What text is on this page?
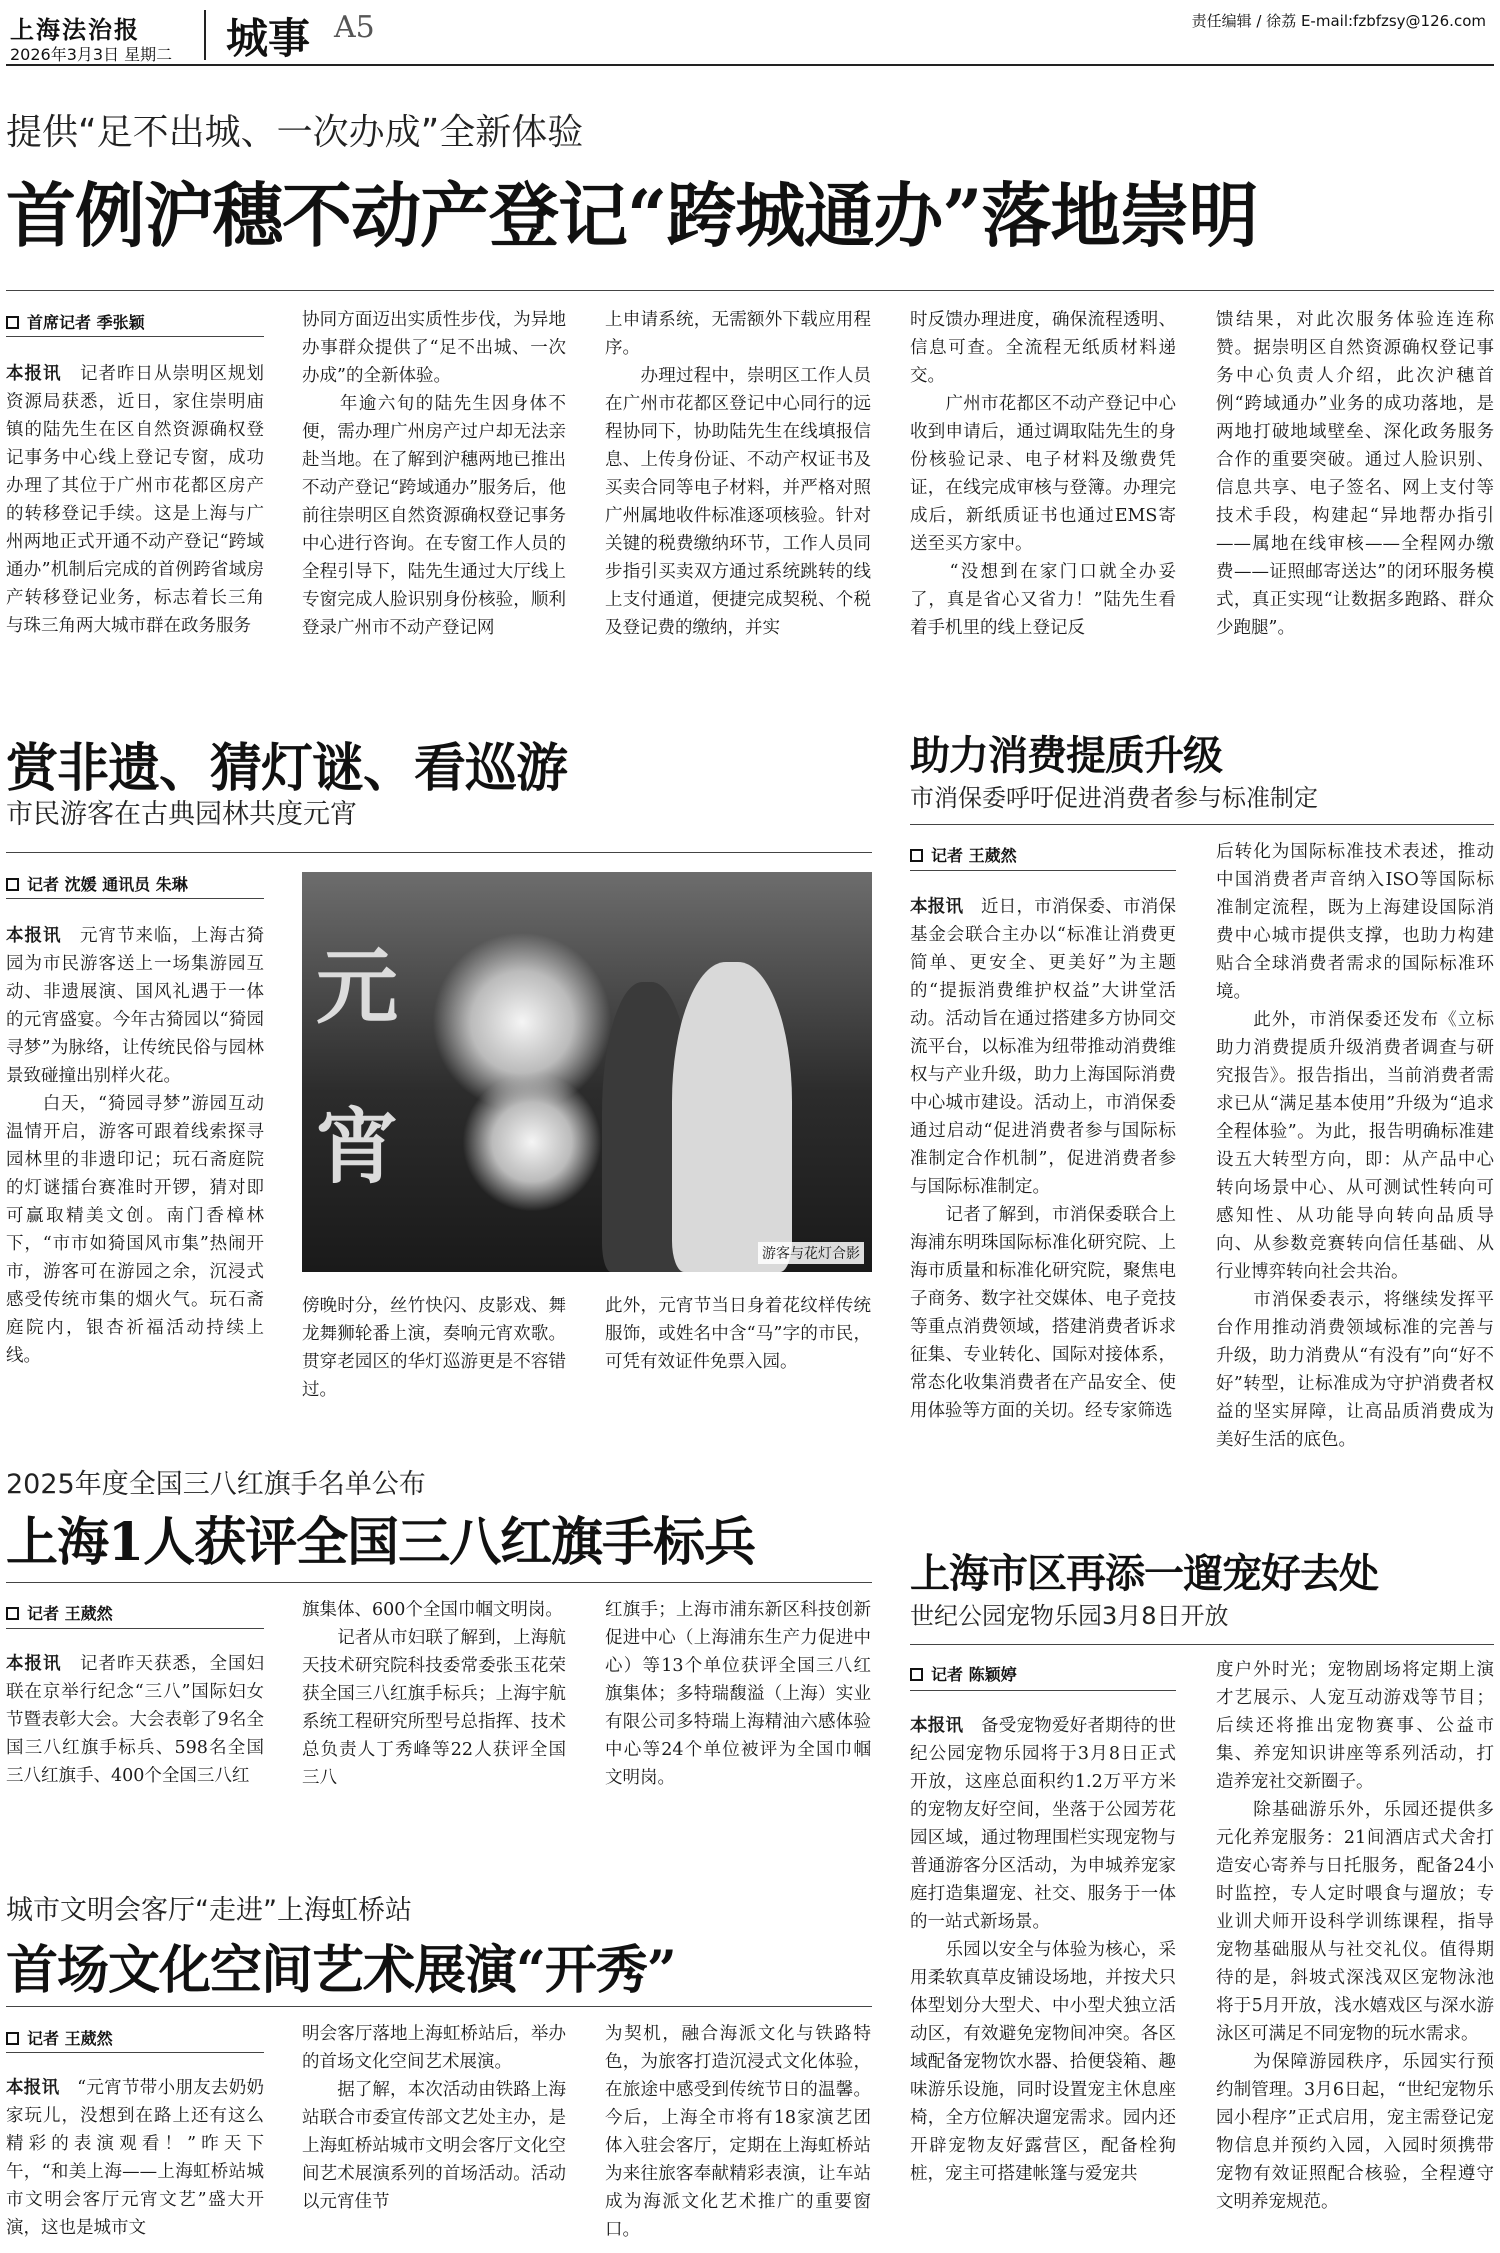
上海法治报
2026年3月3日 星期二 城事 A5	责任编辑 / 徐荔 E-mail:fzbfzsy@126.com
提供“足不出城、一次办成”全新体验
首例沪穗不动产登记“跨城通办”落地崇明
首席记者 季张颖
本报讯　 记者昨日从崇明区规划资源局获悉，近日，家住崇明庙镇的陆先生在区自然资源确权登记事务中心线上登记专窗，成功办理了其位于广州市花都区房产的转移登记手续。这是上海与广州两地正式开通不动产登记“跨域通办”机制后完成的首例跨省域房产转移登记业务，标志着长三角与珠三角两大城市群在政务服务
协同方面迈出实质性步伐，为异地办事群众提供了“足不出城、一次办成”的全新体验。
　　年逾六旬的陆先生因身体不便，需办理广州房产过户却无法亲赴当地。在了解到沪穗两地已推出不动产登记“跨域通办”服务后，他前往崇明区自然资源确权登记事务中心进行咨询。在专窗工作人员的全程引导下，陆先生通过大厅线上专窗完成人脸识别身份核验，顺利登录广州市不动产登记网
上申请系统，无需额外下载应用程序。
　　办理过程中，崇明区工作人员在广州市花都区登记中心同行的远程协同下，协助陆先生在线填报信息、上传身份证、不动产权证书及买卖合同等电子材料，并严格对照广州属地收件标准逐项核验。针对关键的税费缴纳环节，工作人员同步指引买卖双方通过系统跳转的线上支付通道，便捷完成契税、个税及登记费的缴纳，并实
时反馈办理进度，确保流程透明、信息可查。全流程无纸质材料递交。
　　广州市花都区不动产登记中心收到申请后，通过调取陆先生的身份核验记录、电子材料及缴费凭证，在线完成审核与登簿。办理完成后，新纸质证书也通过EMS寄送至买方家中。
　　“没想到在家门口就全办妥了，真是省心又省力！”陆先生看着手机里的线上登记反
馈结果，对此次服务体验连连称赞。据崇明区自然资源确权登记事务中心负责人介绍，此次沪穗首例“跨域通办”业务的成功落地，是两地打破地域壁垒、深化政务服务合作的重要突破。通过人脸识别、信息共享、电子签名、网上支付等技术手段，构建起“异地帮办指引——属地在线审核——全程网办缴费——证照邮寄送达”的闭环服务模式，真正实现“让数据多跑路、群众少跑腿”。
赏非遗、猜灯谜、看巡游
市民游客在古典园林共度元宵
记者 沈媛 通讯员 朱琳
本报讯　 元宵节来临，上海古猗园为市民游客送上一场集游园互动、非遗展演、国风礼遇于一体的元宵盛宴。今年古猗园以“猗园寻梦”为脉络，让传统民俗与园林景致碰撞出别样火花。
　　白天，“猗园寻梦”游园互动温情开启，游客可跟着线索探寻园林里的非遗印记；玩石斋庭院的灯谜擂台赛准时开锣，猜对即可赢取精美文创。南门香樟林下，“市市如猗国风市集”热闹开市，游客可在游园之余，沉浸式感受传统市集的烟火气。玩石斋庭院内，银杏祈福活动持续上线。
元
宵
游客与花灯合影
傍晚时分，丝竹快闪、皮影戏、舞龙舞狮轮番上演，奏响元宵欢歌。贯穿老园区的华灯巡游更是不容错过。
此外，元宵节当日身着花纹样传统服饰，或姓名中含“马”字的市民，可凭有效证件免票入园。
助力消费提质升级
市消保委呼吁促进消费者参与标准制定
记者 王葳然
本报讯　 近日，市消保委、市消保基金会联合主办以“标准让消费更简单、更安全、更美好”为主题的“提振消费维护权益”大讲堂活动。活动旨在通过搭建多方协同交流平台，以标准为纽带推动消费维权与产业升级，助力上海国际消费中心城市建设。活动上，市消保委通过启动“促进消费者参与国际标准制定合作机制”，促进消费者参与国际标准制定。
　　记者了解到，市消保委联合上海浦东明珠国际标准化研究院、上海市质量和标准化研究院，聚焦电子商务、数字社交媒体、电子竞技等重点消费领域，搭建消费者诉求征集、专业转化、国际对接体系，常态化收集消费者在产品安全、使用体验等方面的关切。经专家筛选
后转化为国际标准技术表述，推动中国消费者声音纳入ISO等国际标准制定流程，既为上海建设国际消费中心城市提供支撑，也助力构建贴合全球消费者需求的国际标准环境。
　　此外，市消保委还发布《立标助力消费提质升级消费者调查与研究报告》。报告指出，当前消费者需求已从“满足基本使用”升级为“追求全程体验”。为此，报告明确标准建设五大转型方向，即：从产品中心转向场景中心、从可测试性转向可感知性、从功能导向转向品质导向、从参数竞赛转向信任基础、从行业博弈转向社会共治。
　　市消保委表示，将继续发挥平台作用推动消费领域标准的完善与升级，助力消费从“有没有”向“好不好”转型，让标准成为守护消费者权益的坚实屏障，让高品质消费成为美好生活的底色。
2025年度全国三八红旗手名单公布
上海1人获评全国三八红旗手标兵
记者 王葳然
本报讯　 记者昨天获悉，全国妇联在京举行纪念“三八”国际妇女节暨表彰大会。大会表彰了9名全国三八红旗手标兵、598名全国三八红旗手、400个全国三八红
旗集体、600个全国巾帼文明岗。
　　记者从市妇联了解到，上海航天技术研究院科技委常委张玉花荣获全国三八红旗手标兵；上海宇航系统工程研究所型号总指挥、技术总负责人丁秀峰等22人获评全国三八
红旗手；上海市浦东新区科技创新促进中心（上海浦东生产力促进中心）等13个单位获评全国三八红旗集体；多特瑞馥溢（上海）实业有限公司多特瑞上海精油六感体验中心等24个单位被评为全国巾帼文明岗。
上海市区再添一遛宠好去处
世纪公园宠物乐园3月8日开放
记者 陈颖婷
本报讯　 备受宠物爱好者期待的世纪公园宠物乐园将于3月8日正式开放，这座总面积约1.2万平方米的宠物友好空间，坐落于公园芳花园区域，通过物理围栏实现宠物与普通游客分区活动，为申城养宠家庭打造集遛宠、社交、服务于一体的一站式新场景。
　　乐园以安全与体验为核心，采用柔软真草皮铺设场地，并按犬只体型划分大型犬、中小型犬独立活动区，有效避免宠物间冲突。各区域配备宠物饮水器、拾便袋箱、趣味游乐设施，同时设置宠主休息座椅，全方位解决遛宠需求。园内还开辟宠物友好露营区，配备栓狗桩，宠主可搭建帐篷与爱宠共
度户外时光；宠物剧场将定期上演才艺展示、人宠互动游戏等节目；后续还将推出宠物赛事、公益市集、养宠知识讲座等系列活动，打造养宠社交新圈子。
　　除基础游乐外，乐园还提供多元化养宠服务：21间酒店式犬舍打造安心寄养与日托服务，配备24小时监控，专人定时喂食与遛放；专业训犬师开设科学训练课程，指导宠物基础服从与社交礼仪。值得期待的是，斜坡式深浅双区宠物泳池将于5月开放，浅水嬉戏区与深水游泳区可满足不同宠物的玩水需求。
　　为保障游园秩序，乐园实行预约制管理。3月6日起，“世纪宠物乐园小程序”正式启用，宠主需登记宠物信息并预约入园，入园时须携带宠物有效证照配合核验，全程遵守文明养宠规范。
城市文明会客厅“走进”上海虹桥站
首场文化空间艺术展演“开秀”
记者 王葳然
本报讯　 “元宵节带小朋友去奶奶家玩儿，没想到在路上还有这么精彩的表演观看！”昨天下午，“和美上海——上海虹桥站城市文明会客厅元宵文艺”盛大开演，这也是城市文
明会客厅落地上海虹桥站后，举办的首场文化空间艺术展演。
　　据了解，本次活动由铁路上海站联合市委宣传部文艺处主办，是上海虹桥站城市文明会客厅文化空间艺术展演系列的首场活动。活动以元宵佳节
为契机，融合海派文化与铁路特色，为旅客打造沉浸式文化体验，在旅途中感受到传统节日的温馨。今后，上海全市将有18家演艺团体入驻会客厅，定期在上海虹桥站为来往旅客奉献精彩表演，让车站成为海派文化艺术推广的重要窗口。
